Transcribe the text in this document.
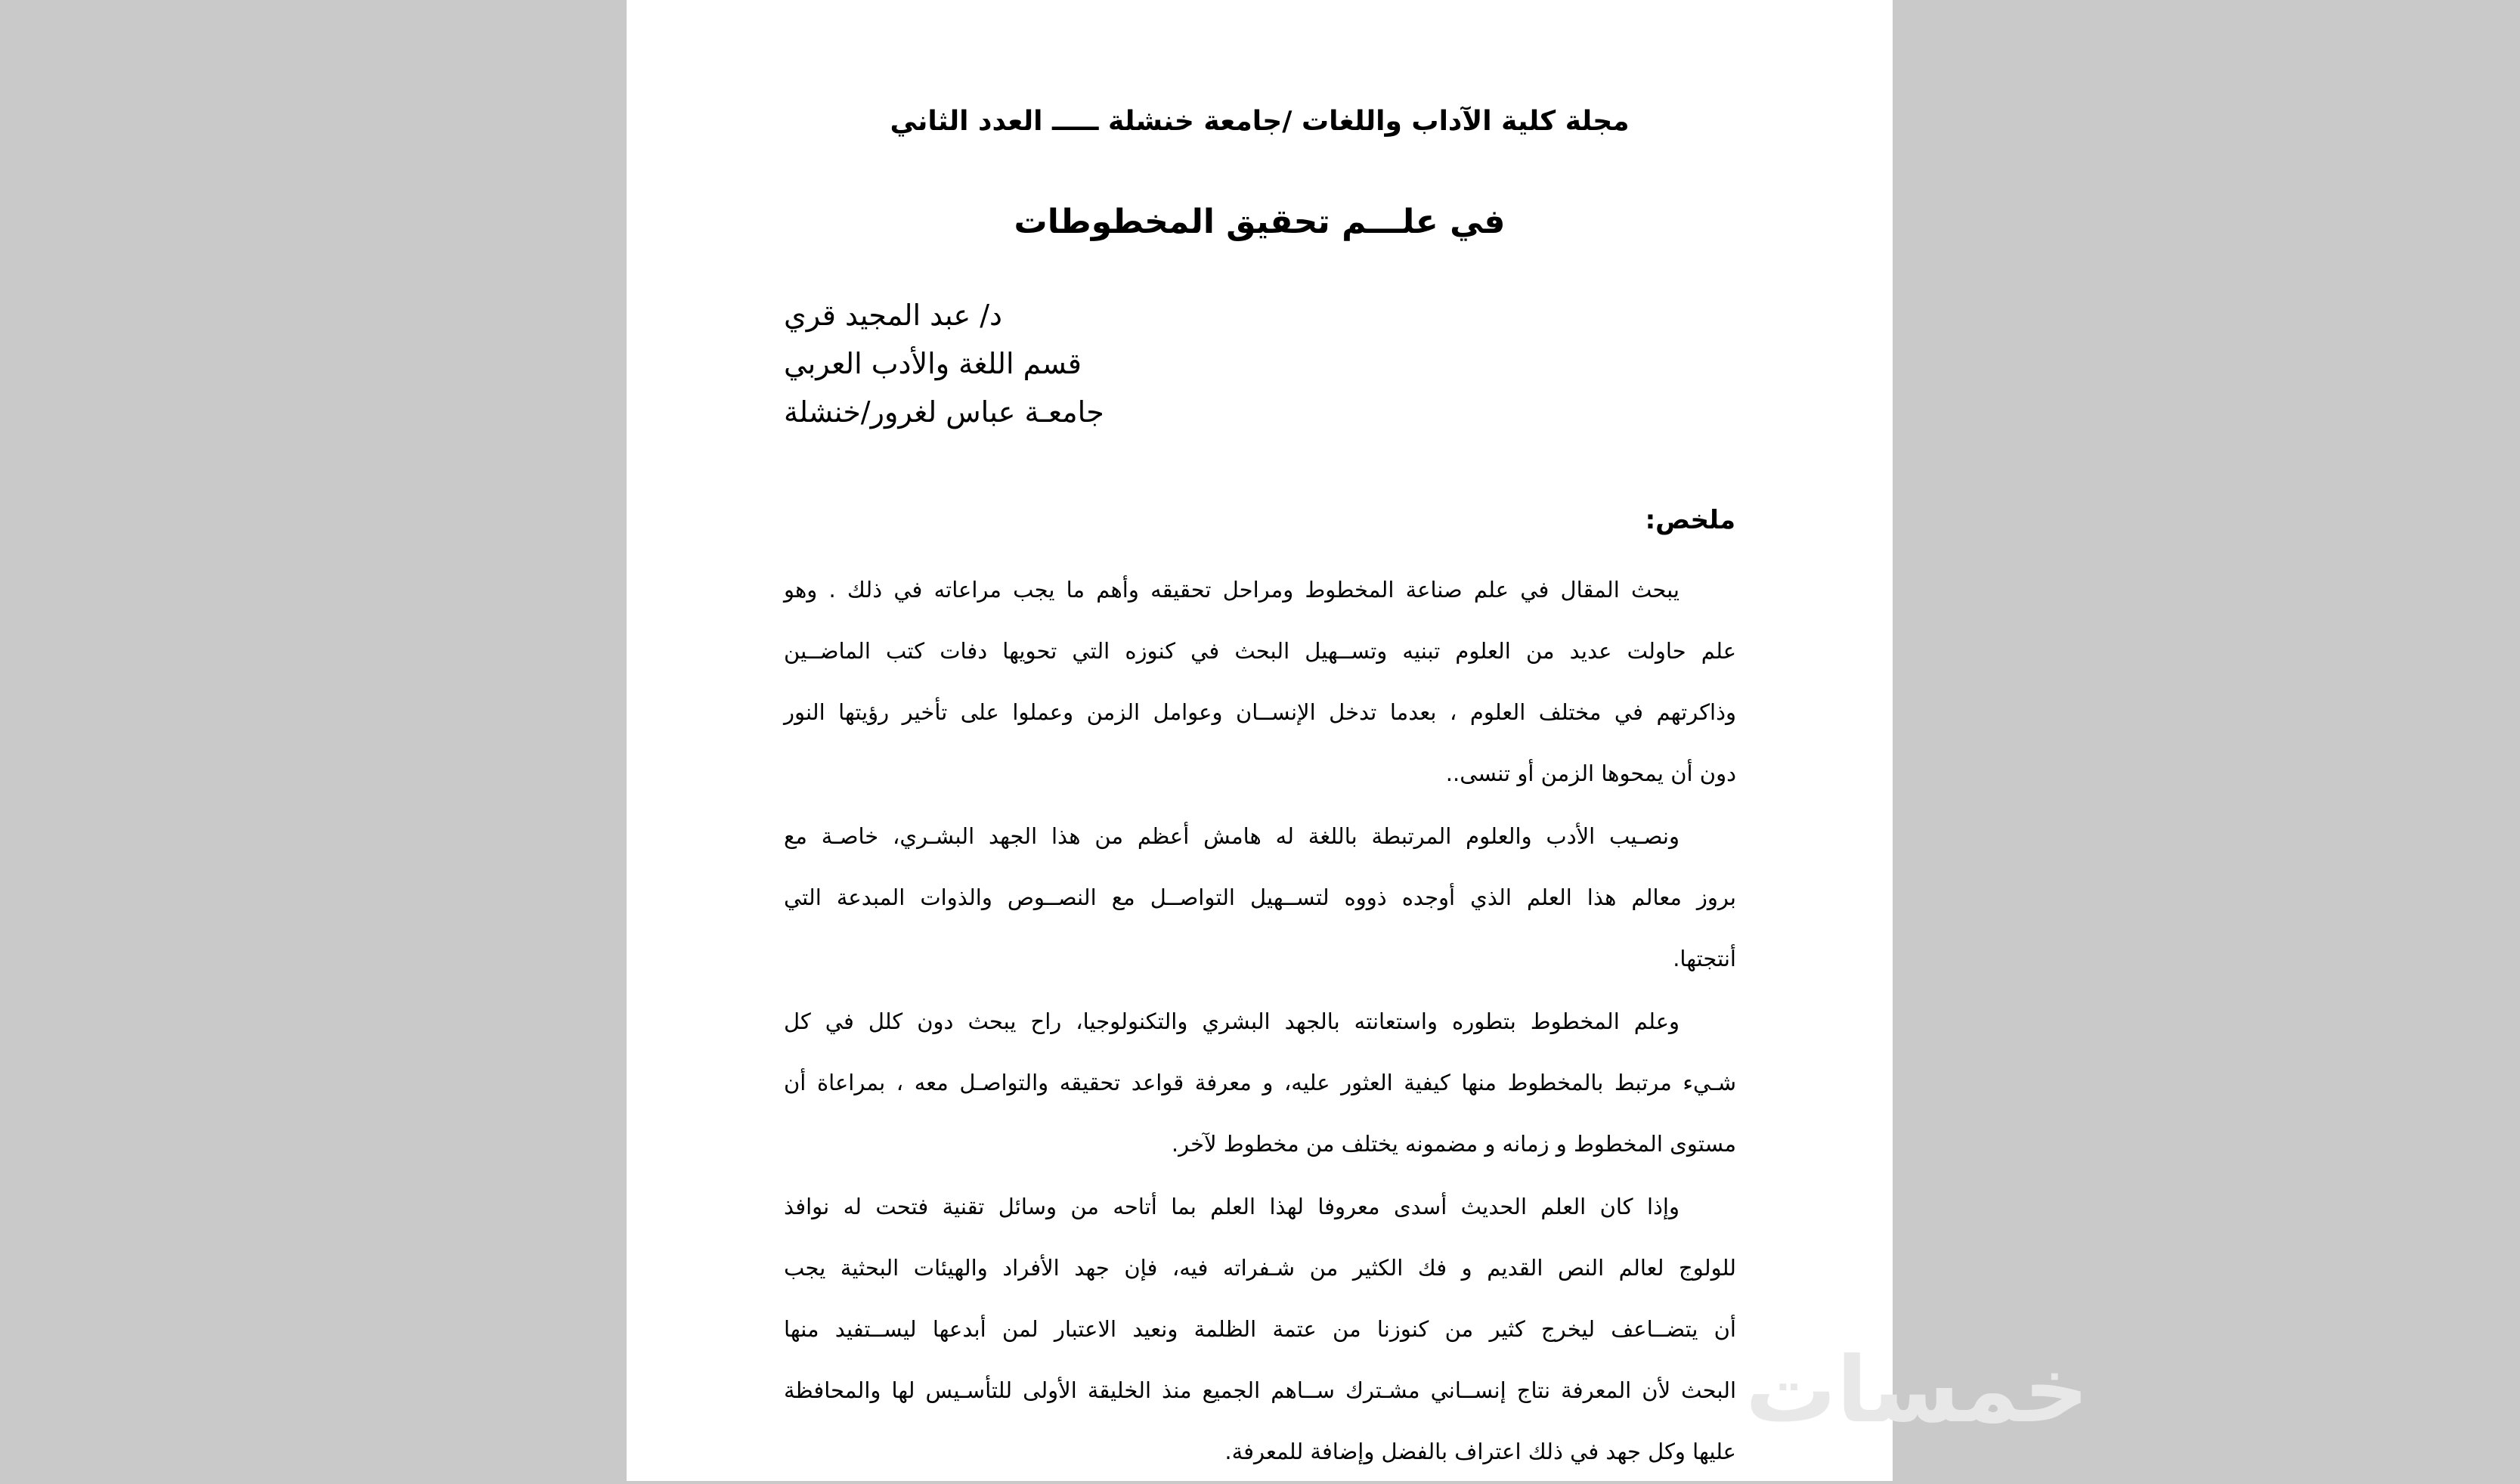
مجلة كلية الآداب واللغات /جامعة خنشلة ـــــ العدد الثاني
في علـــم تحقيق المخطوطات
د/ عبد المجيد قري
قسم اللغة والأدب العربي
جامعـة عباس لغرور/خنشلة
ملخص:
يبحث المقال في علم صناعة المخطوط ومراحل تحقيقه وأهم ما يجب مراعاته في ذلك . وهو
علم حاولت عديد من العلوم تبنيه وتســهيل البحث في كنوزه التي تحويها دفات كتب الماضــين
وذاكرتهم في مختلف العلوم ، بعدما تدخل الإنســان وعوامل الزمن وعملوا على تأخير رؤيتها النور
دون أن يمحوها الزمن أو تنسى..
ونصـيب الأدب والعلوم المرتبطة باللغة له هامش أعظم من هذا الجهد البشـري، خاصـة مع
بروز معالم هذا العلم الذي أوجده ذووه لتســهيل التواصــل مع النصــوص والذوات المبدعة التي
أنتجتها.
وعلم المخطوط بتطوره واستعانته بالجهد البشري والتكنولوجيا، راح يبحث دون كلل في كل
شـيء مرتبط بالمخطوط منها كيفية العثور عليه، و معرفة قواعد تحقيقه والتواصـل معه ، بمراعاة أن
مستوى المخطوط و زمانه و مضمونه يختلف من مخطوط لآخر.
وإذا كان العلم الحديث أسدى معروفا لهذا العلم بما أتاحه من وسائل تقنية فتحت له نوافذ
للولوج لعالم النص القديم و فك الكثير من شـفراته فيه، فإن جهد الأفراد والهيئات البحثية يجب
أن يتضــاعف ليخرج كثير من كنوزنا من عتمة الظلمة ونعيد الاعتبار لمن أبدعها ليســتفيد منها
البحث لأن المعرفة نتاج إنســاني مشـترك ســاهم الجميع منذ الخليقة الأولى للتأسـيس لها والمحافظة
عليها وكل جهد في ذلك اعتراف بالفضل وإضافة للمعرفة.
خمسات
